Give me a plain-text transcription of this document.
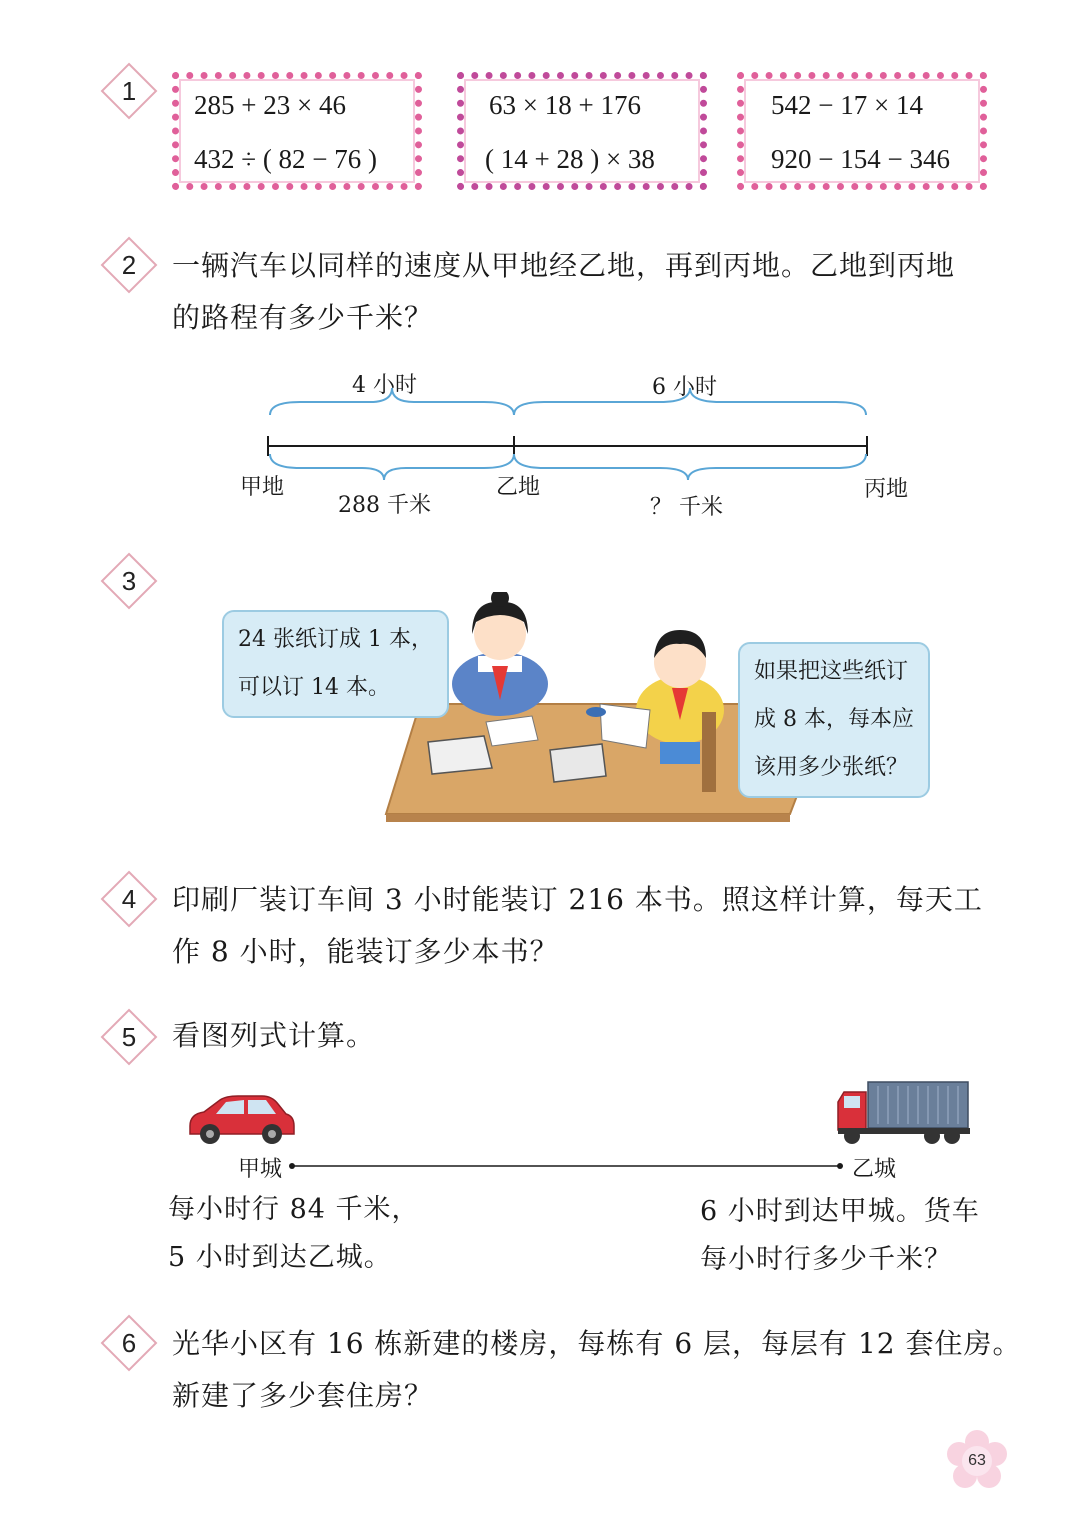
1	285 + 23 × 46
432 ÷ ( 82 − 76 )
63 × 18 + 176
( 14 + 28 ) × 38
542 − 17 × 14
920 − 154 − 346
2	一辆汽车以同样的速度从甲地经乙地，再到丙地。乙地到丙地
的路程有多少千米？
4 小时	6 小时
甲地	乙地	丙地
288 千米	？ 千米
3
24 张纸订成 1 本，
可以订 14 本。
如果把这些纸订
成 8 本，每本应
该用多少张纸？
4	印刷厂装订车间 3 小时能装订 216 本书。照这样计算，每天工
作 8 小时，能装订多少本书？
5	看图列式计算。
甲城	乙城
每小时行 84 千米，
5 小时到达乙城。
6 小时到达甲城。货车
每小时行多少千米？
6	光华小区有 16 栋新建的楼房，每栋有 6 层，每层有 12 套住房。
新建了多少套住房？
63
